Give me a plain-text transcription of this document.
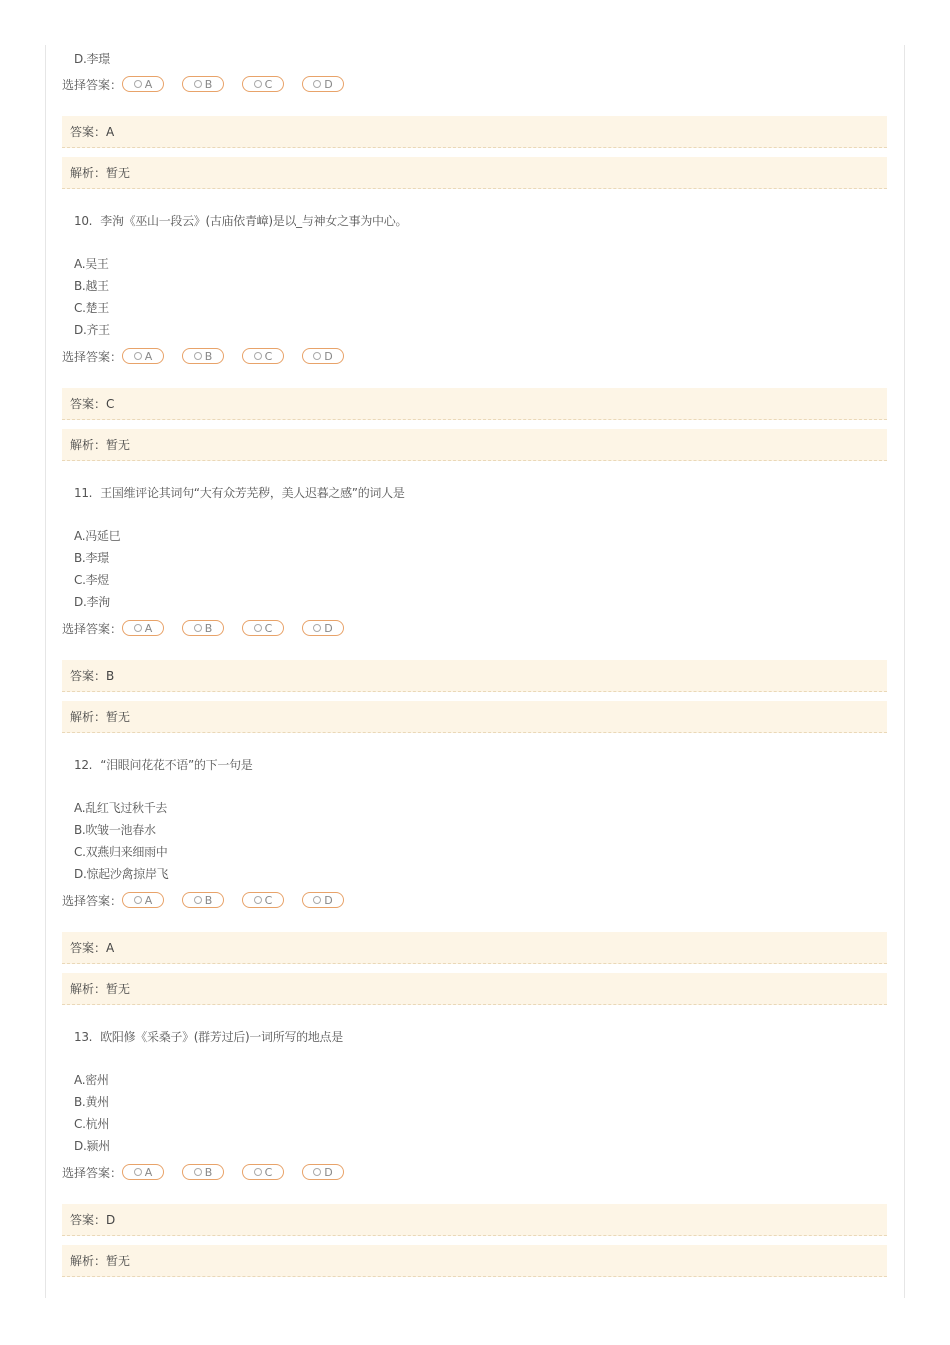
D.李璟
选择答案： A	B	C	D
答案：A
解析：暂无
10. 李洵《巫山一段云》(古庙依青嶂)是以_与神女之事为中心。
A.吴王
B.越王
C.楚王
D.齐王
选择答案： A	B	C	D
答案：C
解析：暂无
11. 王国维评论其词句“大有众芳芜秽，美人迟暮之感”的词人是
A.冯延巳
B.李璟
C.李煜
D.李洵
选择答案： A	B	C	D
答案：B
解析：暂无
12. “泪眼问花花不语”的下一句是
A.乱红飞过秋千去
B.吹皱一池春水
C.双燕归来细雨中
D.惊起沙禽掠岸飞
选择答案： A	B	C	D
答案：A
解析：暂无
13. 欧阳修《采桑子》(群芳过后)一词所写的地点是
A.密州
B.黄州
C.杭州
D.颍州
选择答案： A	B	C	D
答案：D
解析：暂无
